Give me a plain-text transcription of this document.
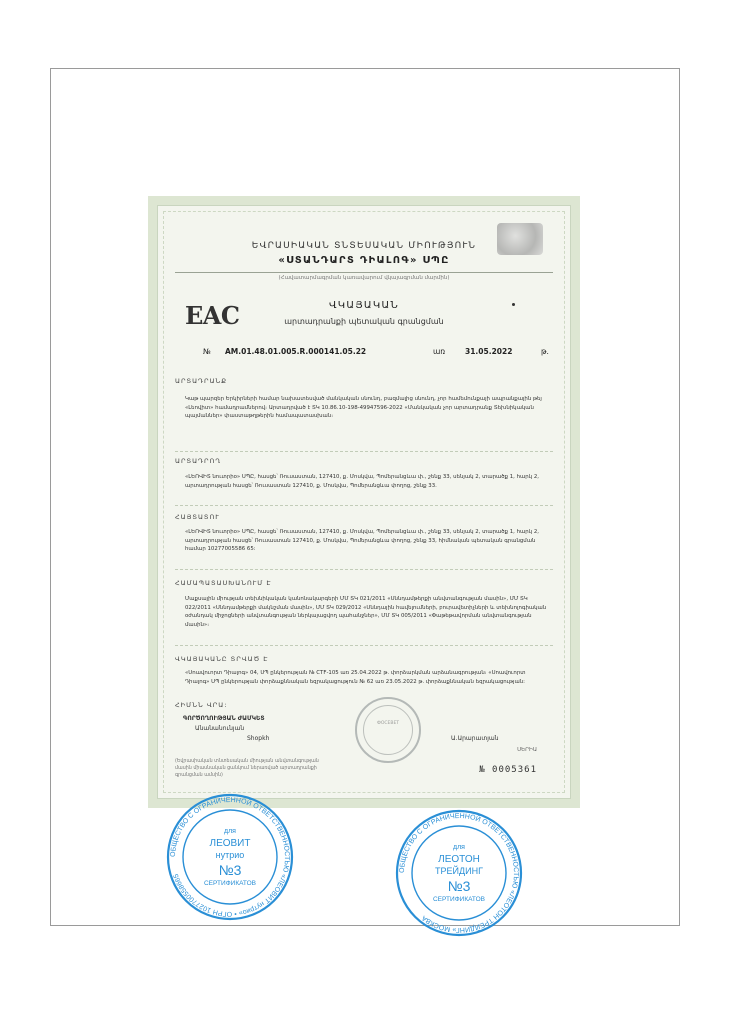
ԵՎՐԱՍԻԱԿԱՆ ՏՆՏԵՍԱԿԱՆ ՄԻՈՒԹՅՈՒՆ
«ՍՏԱՆԴԱՐՏ ԴԻԱԼՈԳ» ՍՊԸ
(Հավատարմագրման կառավարում վկայագրման մարմին)
ЕАС	ՎԿԱՅԱԿԱՆ
արտադրանքի պետական գրանցման
№ AM.01.48.01.005.R.000141.05.22	առ	31.05.2022	թ.
ԱՐՏԱԴՐԱՆՔ
Կաթ պարզեր Երկիրների համար նախատեսված մանկական սնունդ, բազմալից սնունդ, չոր համեմունքայի ապրանքային թեյ «Լեովիտ» համադրամներով։ Արտադրված է ՏԿ 10.86.10-198-49947596-2022 «Մանկական չոր արտադրանք Տեխնիկական պայմաններ» փաստաթղթերին համապատասխան։
ԱՐՏԱԴՐՈՂ
«ԼԵՈՎԻՏ նուտրիօ» ՍՊԸ, հասցե՝ Ռուսաստան, 127410, ք. Մոսկվա, Պոմերանցևա փ., շենք 33, սենյակ 2, տարածք 1, հարկ 2, արտադրության հասցե՝ Ռուսաստան 127410, ք. Մոսկվա, Պոմերանցևա փողոց, շենք 33.
ՀԱՅՏԱՏՈՒ
«ԼԵՈՎԻՏ նուտրիօ» ՍՊԸ, հասցե՝ Ռուսաստան, 127410, ք. Մոսկվա, Պոմերանցևա փ., շենք 33, սենյակ 2, տարածք 1, հարկ 2, արտադրության հասցե՝ Ռուսաստան 127410, ք. Մոսկվա, Պոմերանցևա փողոց, շենք 33, հիմնական պետական գրանցման համար 10277005586 65:
ՀԱՄԱՊԱՏԱՍԽԱՆՈՒՄ Է
Մաքսային միության տեխնիկական կանոնակարգերի ՄՄ ՏԿ 021/2011 «Սննդամթերքի անվտանգության մասին», ՄՄ ՏԿ 022/2011 «Սննդամթերքի մակնշման մասին», ՄՄ ՏԿ 029/2012 «Սննդային հավելումների, բուրավետիչների և տեխնոլոգիական օժանդակ միջոցների անվտանգության ներկայացվող պահանջներ», ՄՄ ՏԿ 005/2011 «Փաթեթավորման անվտանգության մասին»։
ՎԿԱՅԱԿԱՆԸ ՏՐՎԱԾ Է
«Սոավուորտ Դիալոգ» 04, ՍՊ ընկերության № CTF-105 առ 25.04.2022 թ. փորձարկման արձանագրության։ «Սոավուորտ Դիալոգ» ՍՊ ընկերության փորձաքննական եզրակացություն № 62 առ 23.05.2022 թ. փորձաքննական եզրակացության:
ՀԻՄՆՆ ՎՐԱ:
ԳՈՐԾՈՂՈՒԹՅԱՆ ԺԱՄԿԵՏ
Անանանունյան
Shopkh	Ա.Արարատյան
ФОСЕВЕТ
(Եվրասիական տնտեսական միության անվտանգության մասին միասնական ցանկում ներառված արտադրանքի գրանցման ամսին)
ՍԵՐԻԱ
№ 0005361
ОБЩЕСТВО С ОГРАНИЧЕННОЙ ОТВЕТСТВЕННОСТЬЮ «ЛЕОВИТ нутрио» • ОГРН 1027700558665
для
ЛЕОВИТ
нутрио
№3
СЕРТИФИКАТОВ
ОБЩЕСТВО С ОГРАНИЧЕННОЙ ОТВЕТСТВЕННОСТЬЮ «ЛЕОТОН ТРЕЙДИНГ» МОСКВА
для
ЛЕОТОН
ТРЕЙДИНГ
№3
СЕРТИФИКАТОВ
